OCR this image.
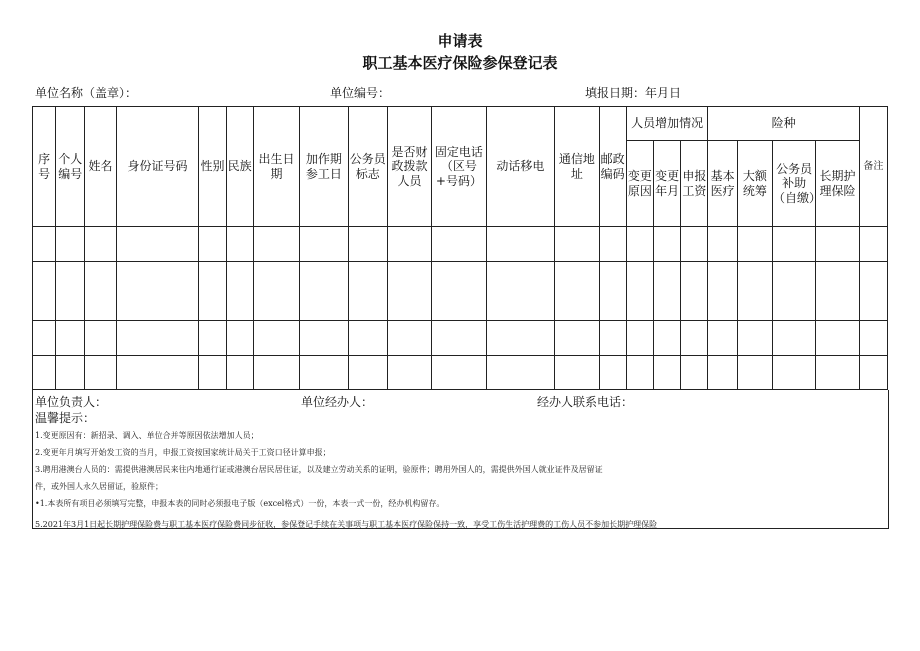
申请表
职工基本医疗保险参保登记表
单位名称（盖章）：	单位编号：	填报日期：年月日
序号	个人编号	姓名	身份证号码	性别	民族	出生日期	加作期参工日	公务员标志	是否财政拨款人员	固定电话（区号+号码）	动话移电	通信地址	邮政编码	人员增加情况			险种				备注
														变更原因	变更年月	申报工资	基本医疗	大额统筹	公务员补助（自缴）	长期护理保险	

单位负责人：	单位经办人：	经办人联系电话：
温馨提示：
1.变更原因有：新招录、调入、单位合并等原因依法增加人员；
2.变更年月填写开始发工资的当月，申报工资按国家统计局关于工资口径计算申报；
3.聘用港澳台人员的：需提供港澳居民来往内地通行证或港澳台居民居住证，以及建立劳动关系的证明，验原件；聘用外国人的，需提供外国人就业证件及居留证
件，或外国人永久居留证，验原件；
•1.本表所有项目必须填写完整，申报本表的同时必须报电子版（excel格式）一份，本表一式一份，经办机构留存。
5.2021年3月1日起长期护理保险费与职工基本医疗保险费同步征收，参保登记手续在关事项与职工基本医疗保险保持一致，享受工伤生活护理费的工伤人员不参加长期护理保险
